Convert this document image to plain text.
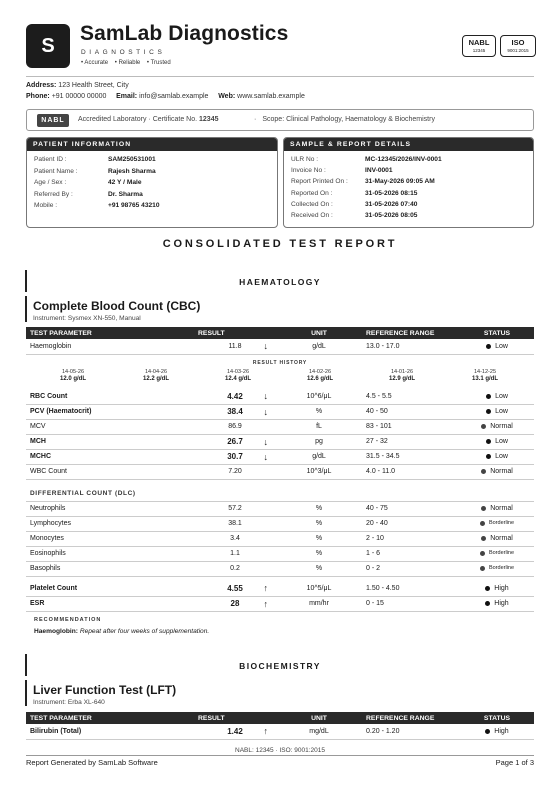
S
SamLab Diagnostics
DIAGNOSTICS
• Accurate • Reliable • Trusted
NABL
12345
ISO
9001:2015
Address: 123 Health Street, City
Phone: +91 00000 00000 Email: info@samlab.example Web: www.samlab.example
NABL	Accredited Laboratory · Certificate No. 12345	· Scope: Clinical Pathology, Haematology & Biochemistry
PATIENT INFORMATION
Patient ID :	SAM250531001
Patient Name :	Rajesh Sharma
Age / Sex :	42 Y / Male
Referred By :	Dr. Sharma
Mobile :	+91 98765 43210
SAMPLE & REPORT DETAILS
ULR No :	MC-12345/2026/INV-0001
Invoice No :	INV-0001
Report Printed On :	31-May-2026 09:05 AM
Reported On :	31-05-2026 08:15
Collected On :	31-05-2026 07:40
Received On :	31-05-2026 08:05
CONSOLIDATED TEST REPORT
HAEMATOLOGY
Complete Blood Count (CBC)
Instrument: Sysmex XN-550, Manual
TEST PARAMETER	RESULT	UNIT	REFERENCE RANGE	STATUS
Haemoglobin	11.8 ↓	g/dL	13.0 - 17.0	Low
RESULT HISTORY
14-05-26
12.0 g/dL
14-04-26
12.2 g/dL
14-03-26
12.4 g/dL
14-02-26
12.6 g/dL
14-01-26
12.9 g/dL
14-12-25
13.1 g/dL
RBC Count	4.42 ↓	10^6/μL	4.5 - 5.5	Low
PCV (Haematocrit)	38.4 ↓	%	40 - 50	Low
MCV	86.9	fL	83 - 101	Normal
MCH	26.7 ↓	pg	27 - 32	Low
MCHC	30.7 ↓	g/dL	31.5 - 34.5	Low
WBC Count	7.20	10^3/μL	4.0 - 11.0	Normal
DIFFERENTIAL COUNT (DLC)				
Neutrophils	57.2	%	40 - 75	Normal
Lymphocytes	38.1	%	20 - 40	Borderline
Monocytes	3.4	%	2 - 10	Normal
Eosinophils	1.1	%	1 - 6	Borderline
Basophils	0.2	%	0 - 2	Borderline
Platelet Count	4.55 ↑	10^5/μL	1.50 - 4.50	High
ESR	28 ↑	mm/hr	0 - 15	High
RECOMMENDATION
Haemoglobin: Repeat after four weeks of supplementation.
BIOCHEMISTRY
Liver Function Test (LFT)
Instrument: Erba XL-640
TEST PARAMETER	RESULT	UNIT	REFERENCE RANGE	STATUS
Bilirubin (Total)	1.42 ↑	mg/dL	0.20 - 1.20	High
NABL: 12345 · ISO: 9001:2015
Report Generated by SamLab Software	Page 1 of 3
